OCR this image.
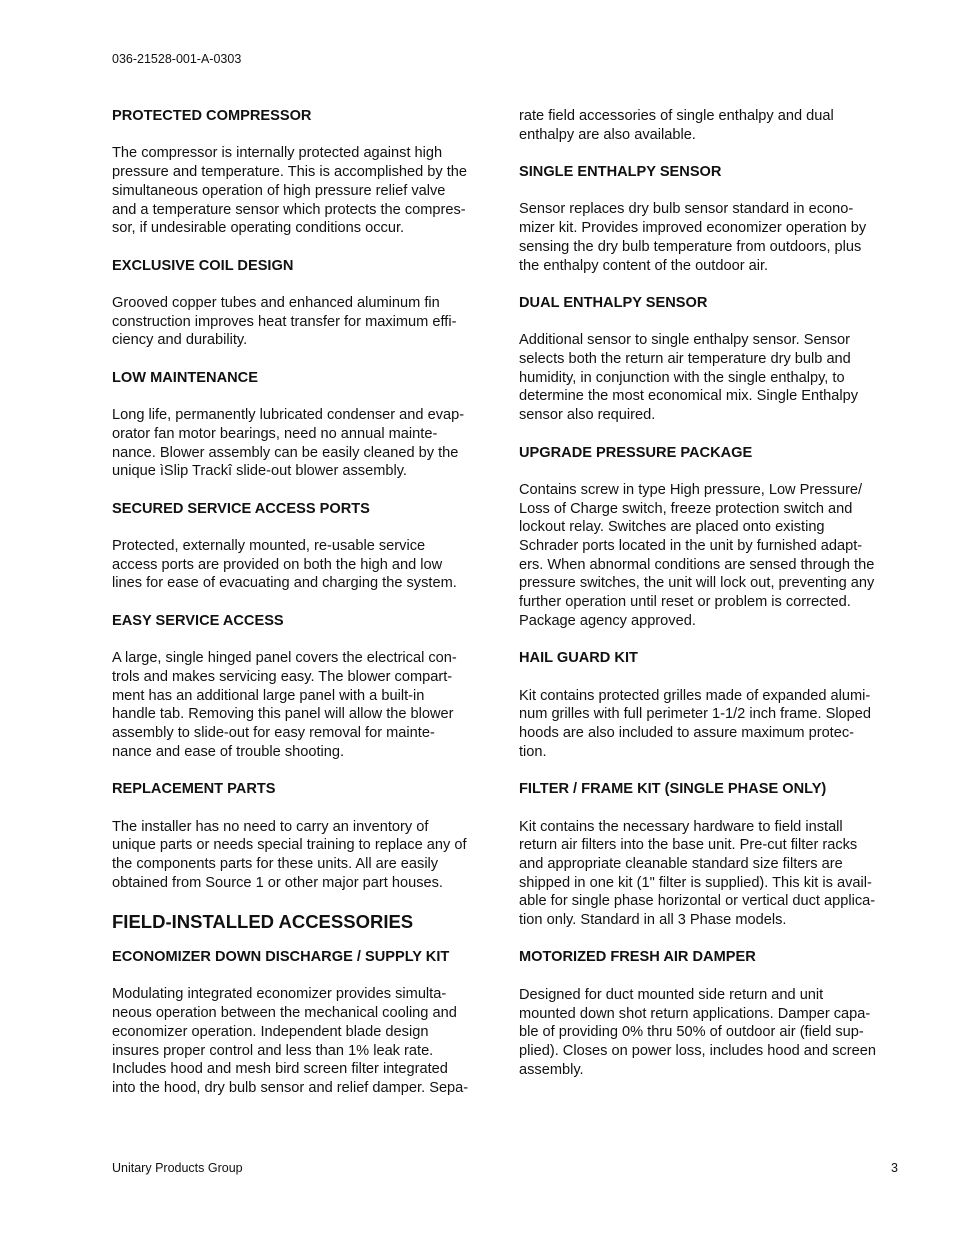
036-21528-001-A-0303
PROTECTED COMPRESSOR
The compressor is internally protected against high
pressure and temperature. This is accomplished by the
simultaneous operation of high pressure relief valve
and a temperature sensor which protects the compres-
sor, if undesirable operating conditions occur.
EXCLUSIVE COIL DESIGN
Grooved copper tubes and enhanced aluminum fin
construction improves heat transfer for maximum effi-
ciency and durability.
LOW MAINTENANCE
Long life, permanently lubricated condenser and evap-
orator fan motor bearings, need no annual mainte-
nance. Blower assembly can be easily cleaned by the
unique ìSlip Trackî slide-out blower assembly.
SECURED SERVICE ACCESS PORTS
Protected, externally mounted, re-usable service
access ports are provided on both the high and low
lines for ease of evacuating and charging the system.
EASY SERVICE ACCESS
A large, single hinged panel covers the electrical con-
trols and makes servicing easy. The blower compart-
ment has an additional large panel with a built-in
handle tab. Removing this panel will allow the blower
assembly to slide-out for easy removal for mainte-
nance and ease of trouble shooting.
REPLACEMENT PARTS
The installer has no need to carry an inventory of
unique parts or needs special training to replace any of
the components parts for these units. All are easily
obtained from Source 1 or other major part houses.
FIELD-INSTALLED ACCESSORIES
ECONOMIZER DOWN DISCHARGE / SUPPLY KIT
Modulating integrated economizer provides simulta-
neous operation between the mechanical cooling and
economizer operation. Independent blade design
insures proper control and less than 1% leak rate.
Includes hood and mesh bird screen filter integrated
into the hood, dry bulb sensor and relief damper. Sepa-
rate field accessories of single enthalpy and dual
enthalpy are also available.
SINGLE ENTHALPY SENSOR
Sensor replaces dry bulb sensor standard in econo-
mizer kit. Provides improved economizer operation by
sensing the dry bulb temperature from outdoors, plus
the enthalpy content of the outdoor air.
DUAL ENTHALPY SENSOR
Additional sensor to single enthalpy sensor. Sensor
selects both the return air temperature dry bulb and
humidity, in conjunction with the single enthalpy, to
determine the most economical mix. Single Enthalpy
sensor also required.
UPGRADE PRESSURE PACKAGE
Contains screw in type High pressure, Low Pressure/
Loss of Charge switch, freeze protection switch and
lockout relay. Switches are placed onto existing
Schrader ports located in the unit by furnished adapt-
ers. When abnormal conditions are sensed through the
pressure switches, the unit will lock out, preventing any
further operation until reset or problem is corrected.
Package agency approved.
HAIL GUARD KIT
Kit contains protected grilles made of expanded alumi-
num grilles with full perimeter 1-1/2 inch frame. Sloped
hoods are also included to assure maximum protec-
tion.
FILTER / FRAME KIT (SINGLE PHASE ONLY)
Kit contains the necessary hardware to field install
return air filters into the base unit. Pre-cut filter racks
and appropriate cleanable standard size filters are
shipped in one kit (1" filter is supplied). This kit is avail-
able for single phase horizontal or vertical duct applica-
tion only. Standard in all 3 Phase models.
MOTORIZED FRESH AIR DAMPER
Designed for duct mounted side return and unit
mounted down shot return applications. Damper capa-
ble of providing 0% thru 50% of outdoor air (field sup-
plied). Closes on power loss, includes hood and screen
assembly.
Unitary Products Group	3
